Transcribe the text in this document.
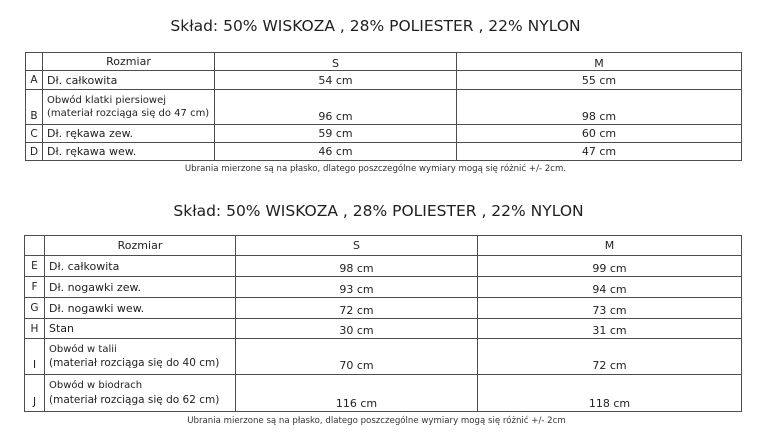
Skład: 50% WISKOZA , 28% POLIESTER , 22% NYLON
	Rozmiar	S	M
A	Dł. całkowita	54 cm	55 cm
B	Obwód klatki piersiowej
(materiał rozciąga się do 47 cm)	96 cm	98 cm
C	Dł. rękawa zew.	59 cm	60 cm
D	Dł. rękawa wew.	46 cm	47 cm
Ubrania mierzone są na płasko, dlatego poszczególne wymiary mogą się różnić +/- 2cm.
Skład: 50% WISKOZA , 28% POLIESTER , 22% NYLON
	Rozmiar	S	M
E	Dł. całkowita	98 cm	99 cm
F	Dł. nogawki zew.	93 cm	94 cm
G	Dł. nogawki wew.	72 cm	73 cm
H	Stan	30 cm	31 cm
I	Obwód w talii
(materiał rozciąga się do 40 cm)	70 cm	72 cm
J	Obwód w biodrach
(materiał rozciąga się do 62 cm)	116 cm	118 cm
Ubrania mierzone są na płasko, dlatego poszczególne wymiary mogą się różnić +/- 2cm
